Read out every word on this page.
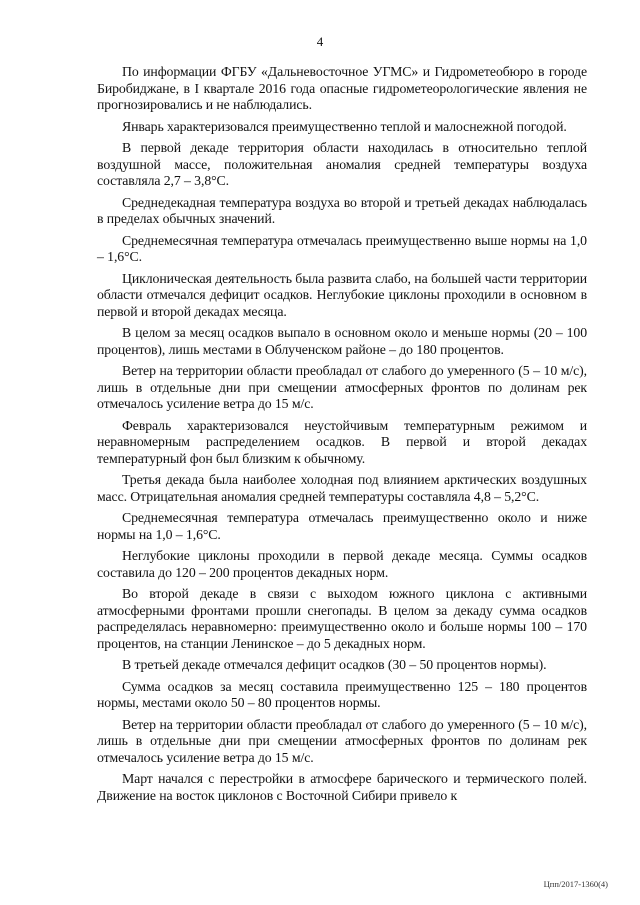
4

По информации ФГБУ «Дальневосточное УГМС» и Гидрометеобюро в городе Биробиджане, в I квартале 2016 года опасные гидрометеорологические явления не прогнозировались и не наблюдались.

Январь характеризовался преимущественно теплой и малоснежной погодой.

В первой декаде территория области находилась в относительно теплой воздушной массе, положительная аномалия средней температуры воздуха составляла 2,7 – 3,8°С.

Среднедекадная температура воздуха во второй и третьей декадах наблюдалась в пределах обычных значений.

Среднемесячная температура отмечалась преимущественно выше нормы на 1,0 – 1,6°С.

Циклоническая деятельность была развита слабо, на большей части территории области отмечался дефицит осадков. Неглубокие циклоны проходили в основном в первой и второй декадах месяца.

В целом за месяц осадков выпало в основном около и меньше нормы (20 – 100 процентов), лишь местами в Облученском районе – до 180 процентов.

Ветер на территории области преобладал от слабого до умеренного (5 – 10 м/с), лишь в отдельные дни при смещении атмосферных фронтов по долинам рек отмечалось усиление ветра до 15 м/с.

Февраль характеризовался неустойчивым температурным режимом и неравномерным распределением осадков. В первой и второй декадах температурный фон был близким к обычному.

Третья декада была наиболее холодная под влиянием арктических воздушных масс. Отрицательная аномалия средней температуры составляла 4,8 – 5,2°С.

Среднемесячная температура отмечалась преимущественно около и ниже нормы на 1,0 – 1,6°С.

Неглубокие циклоны проходили в первой декаде месяца. Суммы осадков составила до 120 – 200 процентов декадных норм.

Во второй декаде в связи с выходом южного циклона с активными атмосферными фронтами прошли снегопады. В целом за декаду сумма осадков распределялась неравномерно: преимущественно около и больше нормы 100 – 170 процентов, на станции Ленинское – до 5 декадных норм.

В третьей декаде отмечался дефицит осадков (30 – 50 процентов нормы).

Сумма осадков за месяц составила преимущественно 125 – 180 процентов нормы, местами около 50 – 80 процентов нормы.

Ветер на территории области преобладал от слабого до умеренного (5 – 10 м/с), лишь в отдельные дни при смещении атмосферных фронтов по долинам рек отмечалось усиление ветра до 15 м/с.

Март начался с перестройки в атмосфере барического и термического полей. Движение на восток циклонов с Восточной Сибири привело к

Цпп/2017-1360(4)
